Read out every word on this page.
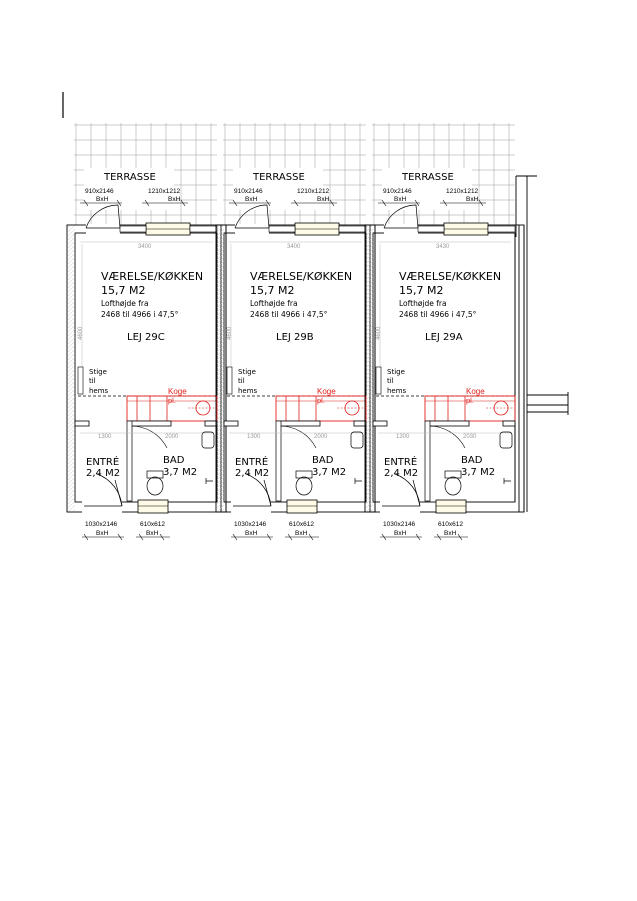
TERRASSE
910x2146
BxH
1210x1212
BxH
3400
4600
VÆRELSE/KØKKEN
15,7 M2
Lofthøjde fra
2468 til 4966 i 47,5°
LEJ 29C
Stige
til
hems	Koge
pl.
1300	2000
ENTRÉ
2,4 M2
BAD
3,7 M2
1030x2146
BxH
610x612
BxH
TERRASSE
910x2146
BxH
1210x1212
BxH
3400
4600
VÆRELSE/KØKKEN
15,7 M2
Lofthøjde fra
2468 til 4966 i 47,5°
LEJ 29B
Stige
til
hems	Koge
pl.
1300	2000
ENTRÉ
2,4 M2
BAD
3,7 M2
1030x2146
BxH
610x612
BxH
TERRASSE
910x2146
BxH
1210x1212
BxH
3430
4600
VÆRELSE/KØKKEN
15,7 M2
Lofthøjde fra
2468 til 4966 i 47,5°
LEJ 29A
Stige
til
hems	Koge
pl.
1300	2030
ENTRÉ
2,4 M2
BAD
3,7 M2
1030x2146
BxH
610x612
BxH
